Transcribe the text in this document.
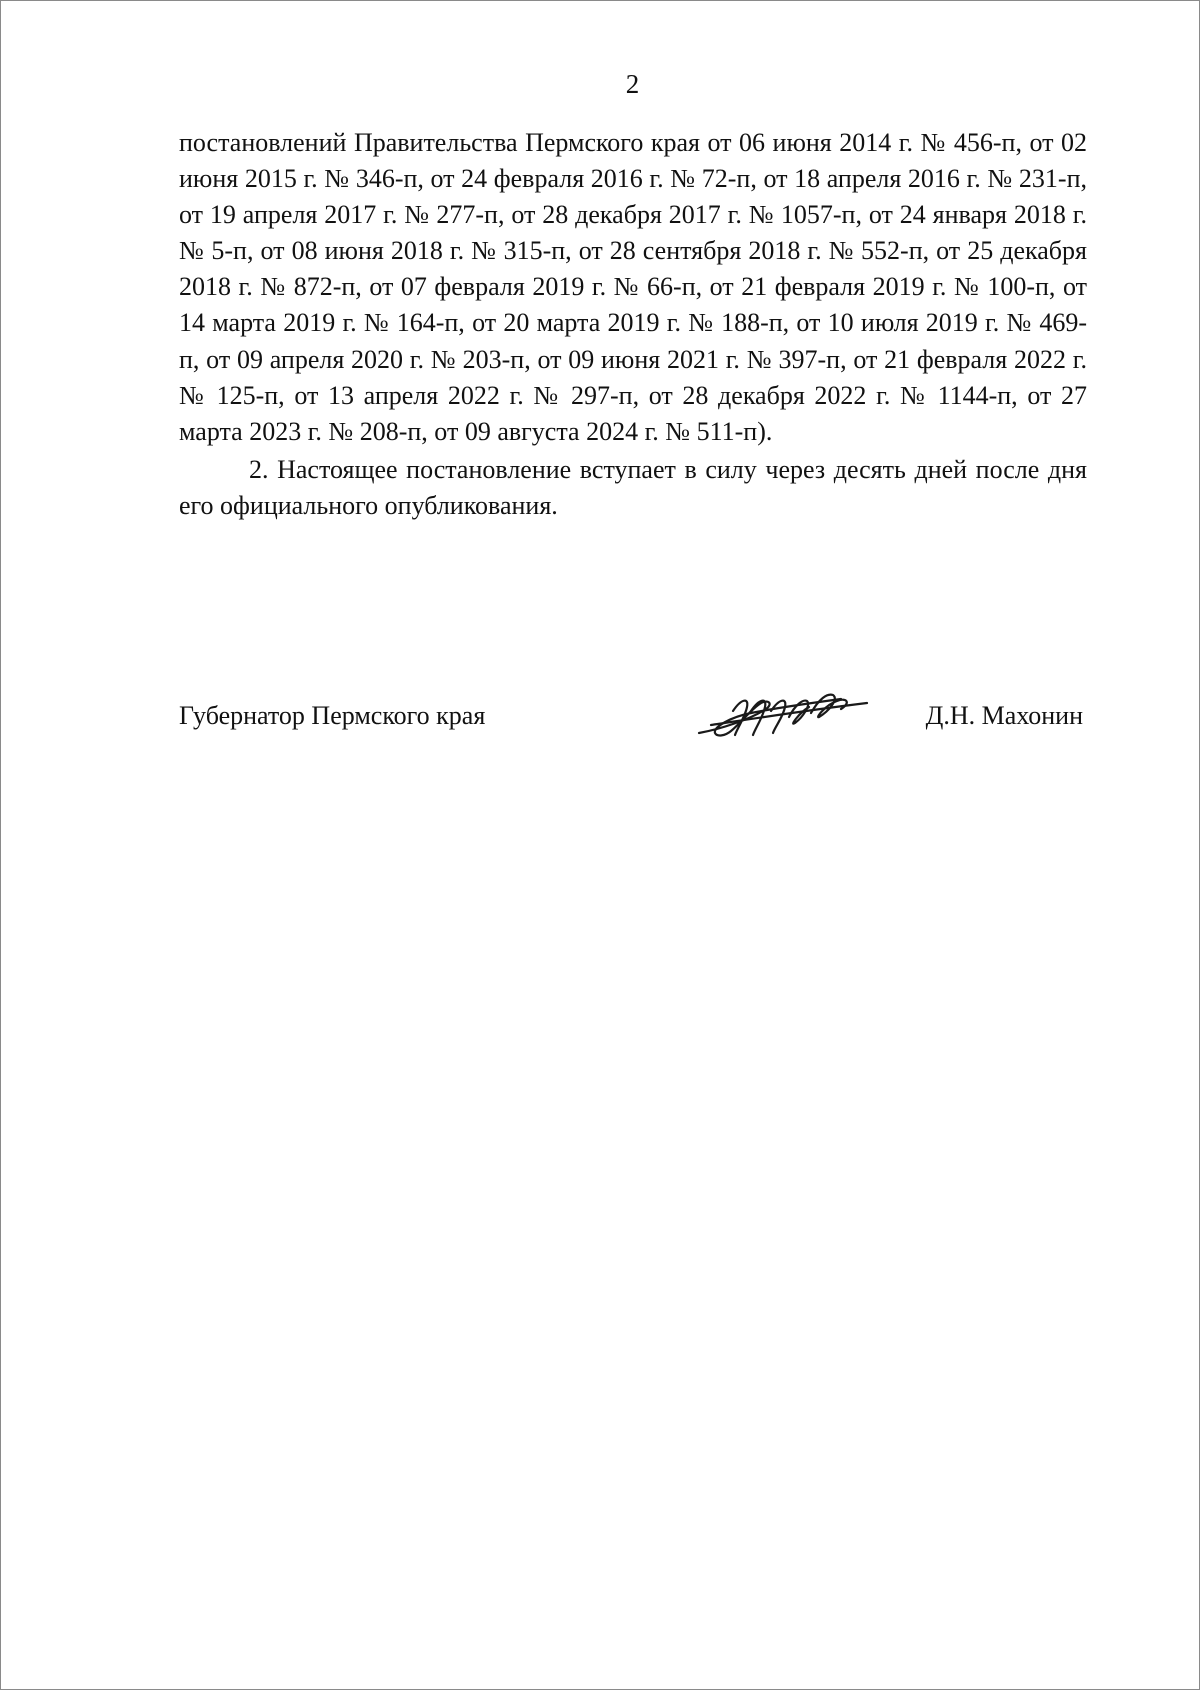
2

постановлений Правительства Пермского края от 06 июня 2014 г. № 456-п, от 02 июня 2015 г. № 346-п, от 24 февраля 2016 г. № 72-п, от 18 апреля 2016 г. № 231-п, от 19 апреля 2017 г. № 277-п, от 28 декабря 2017 г. № 1057-п, от 24 января 2018 г. № 5-п, от 08 июня 2018 г. № 315-п, от 28 сентября 2018 г. № 552-п, от 25 декабря 2018 г. № 872-п, от 07 февраля 2019 г. № 66-п, от 21 февраля 2019 г. № 100-п, от 14 марта 2019 г. № 164-п, от 20 марта 2019 г. № 188-п, от 10 июля 2019 г. № 469-п, от 09 апреля 2020 г. № 203-п, от 09 июня 2021 г. № 397-п, от 21 февраля 2022 г. № 125-п, от 13 апреля 2022 г. № 297-п, от 28 декабря 2022 г. № 1144-п, от 27 марта 2023 г. № 208-п, от 09 августа 2024 г. № 511-п).

2. Настоящее постановление вступает в силу через десять дней после дня его официального опубликования.

Губернатор Пермского края	Д.Н. Махонин
